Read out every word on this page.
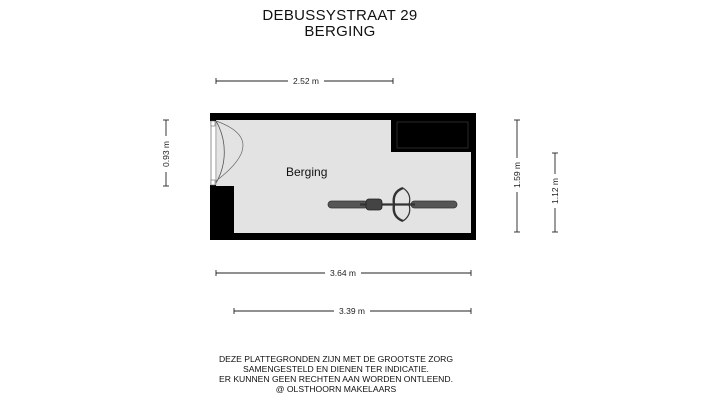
DEBUSSYSTRAAT 29
BERGING
Berging
2.52 m
0.93 m
1.59 m
1.12 m
3.64 m
3.39 m
DEZE PLATTEGRONDEN ZIJN MET DE GROOTSTE ZORG
SAMENGESTELD EN DIENEN TER INDICATIE.
ER KUNNEN GEEN RECHTEN AAN WORDEN ONTLEEND.
@ OLSTHOORN MAKELAARS
